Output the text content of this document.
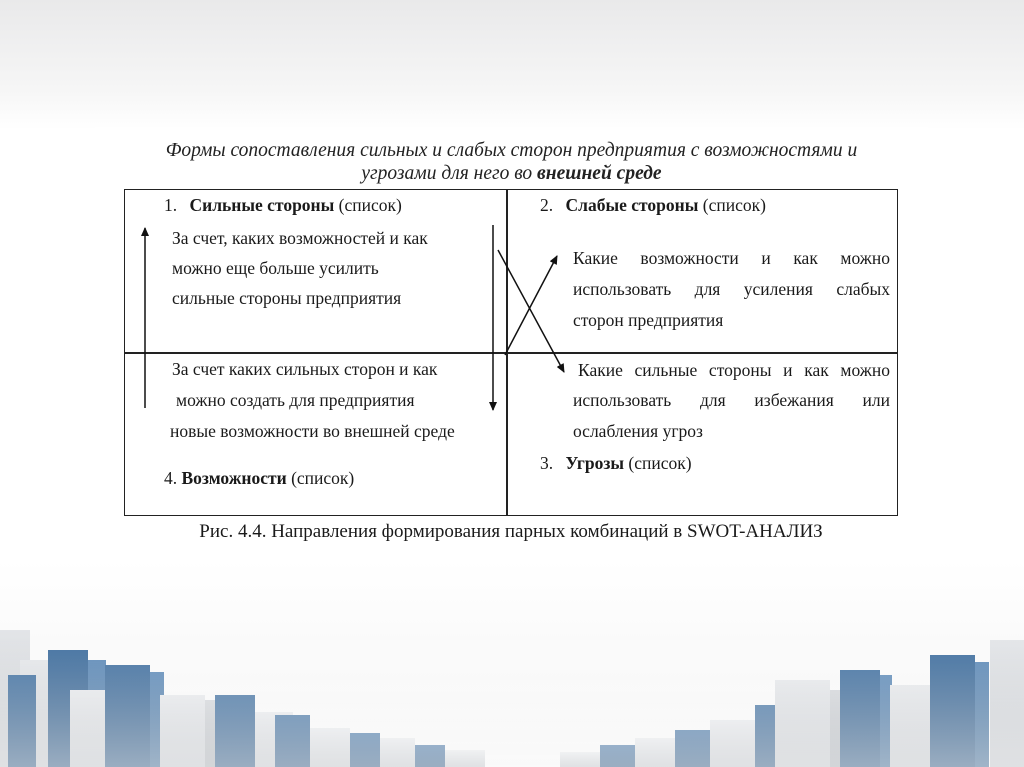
Формы сопоставления сильных и слабых сторон предприятия с возможностями и
угрозами для него во внешней среде
1. Сильные стороны (список)
За счет, каких возможностей и как
можно еще больше усилить
сильные стороны предприятия
2. Слабые стороны (список)
Какие возможности и как можно
использовать для усиления слабых
сторон предприятия
За счет каких сильных сторон и как
можно создать для предприятия
новые возможности во внешней среде
4. Возможности (список)
Какие сильные стороны и как можно
использовать для избежания или
ослабления угроз
3. Угрозы (список)
Рис. 4.4. Направления формирования парных комбинаций в SWOT-АНАЛИЗ
